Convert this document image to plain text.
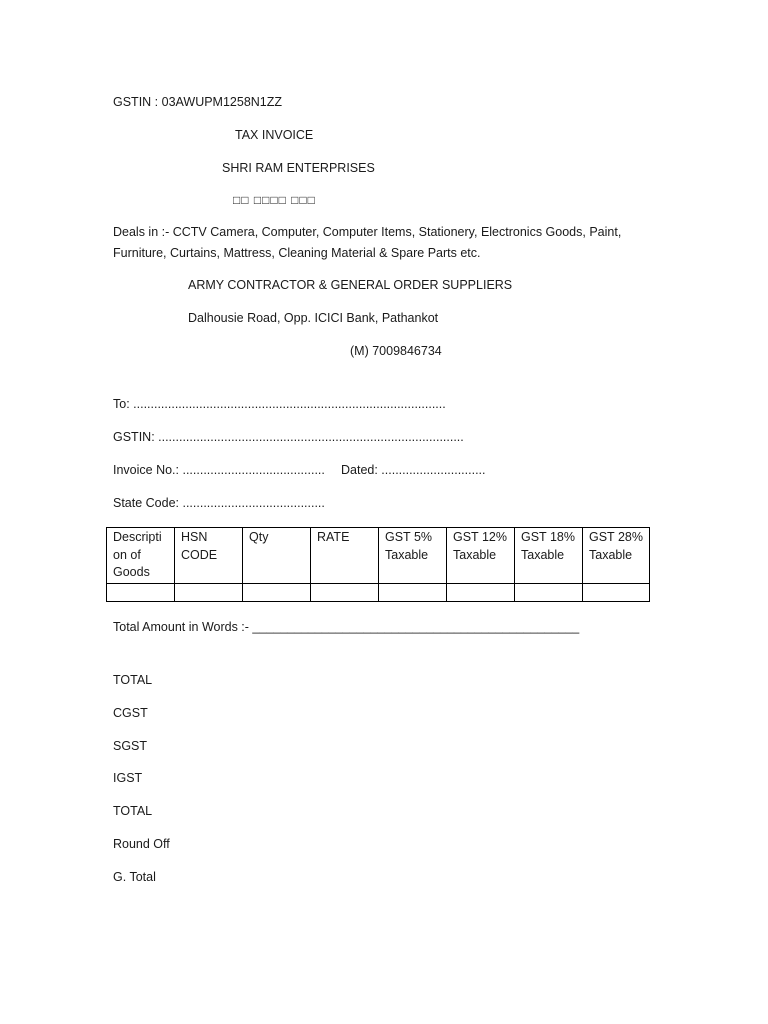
GSTIN : 03AWUPM1258N1ZZ
TAX INVOICE
SHRI RAM ENTERPRISES
□□ □□□□ □□□
Deals in :- CCTV Camera, Computer, Computer Items, Stationery, Electronics Goods, Paint, Furniture, Curtains, Mattress, Cleaning Material & Spare Parts etc.
ARMY CONTRACTOR & GENERAL ORDER SUPPLIERS
Dalhousie Road, Opp. ICICI Bank, Pathankot
(M) 7009846734
To: ..........................................................................................
GSTIN: ........................................................................................
Invoice No.: ......................................... Dated: ..............................
State Code: .........................................
Descripti on of Goods	HSN CODE	Qty	RATE	GST 5% Taxable	GST 12% Taxable	GST 18% Taxable	GST 28% Taxable

Total Amount in Words :- _______________________________________________
TOTAL
CGST
SGST
IGST
TOTAL
Round Off
G. Total
